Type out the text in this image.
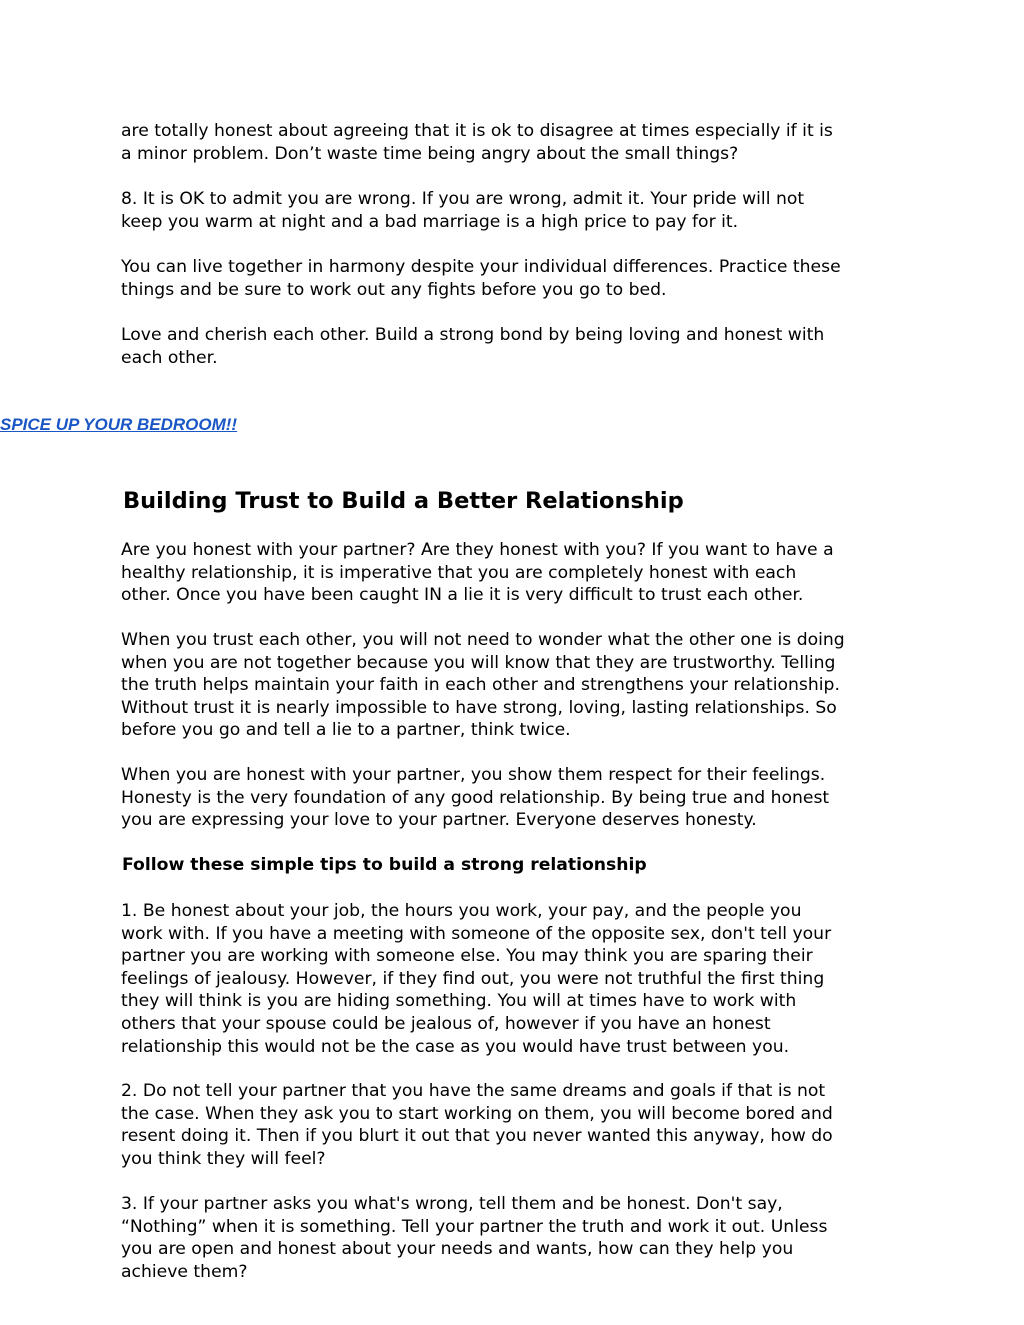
are totally honest about agreeing that it is ok to disagree at times especially if it is
a minor problem. Don’t waste time being angry about the small things?

8. It is OK to admit you are wrong. If you are wrong, admit it. Your pride will not
keep you warm at night and a bad marriage is a high price to pay for it.

You can live together in harmony despite your individual differences. Practice these
things and be sure to work out any fights before you go to bed.

Love and cherish each other. Build a strong bond by being loving and honest with
each other.

SPICE UP YOUR BEDROOM!!
Building Trust to Build a Better Relationship

Are you honest with your partner? Are they honest with you? If you want to have a
healthy relationship, it is imperative that you are completely honest with each
other. Once you have been caught IN a lie it is very difficult to trust each other.

When you trust each other, you will not need to wonder what the other one is doing
when you are not together because you will know that they are trustworthy. Telling
the truth helps maintain your faith in each other and strengthens your relationship.
Without trust it is nearly impossible to have strong, loving, lasting relationships. So
before you go and tell a lie to a partner, think twice.

When you are honest with your partner, you show them respect for their feelings.
Honesty is the very foundation of any good relationship. By being true and honest
you are expressing your love to your partner. Everyone deserves honesty.

Follow these simple tips to build a strong relationship

1. Be honest about your job, the hours you work, your pay, and the people you
work with. If you have a meeting with someone of the opposite sex, don't tell your
partner you are working with someone else. You may think you are sparing their
feelings of jealousy. However, if they find out, you were not truthful the first thing
they will think is you are hiding something. You will at times have to work with
others that your spouse could be jealous of, however if you have an honest
relationship this would not be the case as you would have trust between you.

2. Do not tell your partner that you have the same dreams and goals if that is not
the case. When they ask you to start working on them, you will become bored and
resent doing it. Then if you blurt it out that you never wanted this anyway, how do
you think they will feel?

3. If your partner asks you what's wrong, tell them and be honest. Don't say,
“Nothing” when it is something. Tell your partner the truth and work it out. Unless
you are open and honest about your needs and wants, how can they help you
achieve them?
